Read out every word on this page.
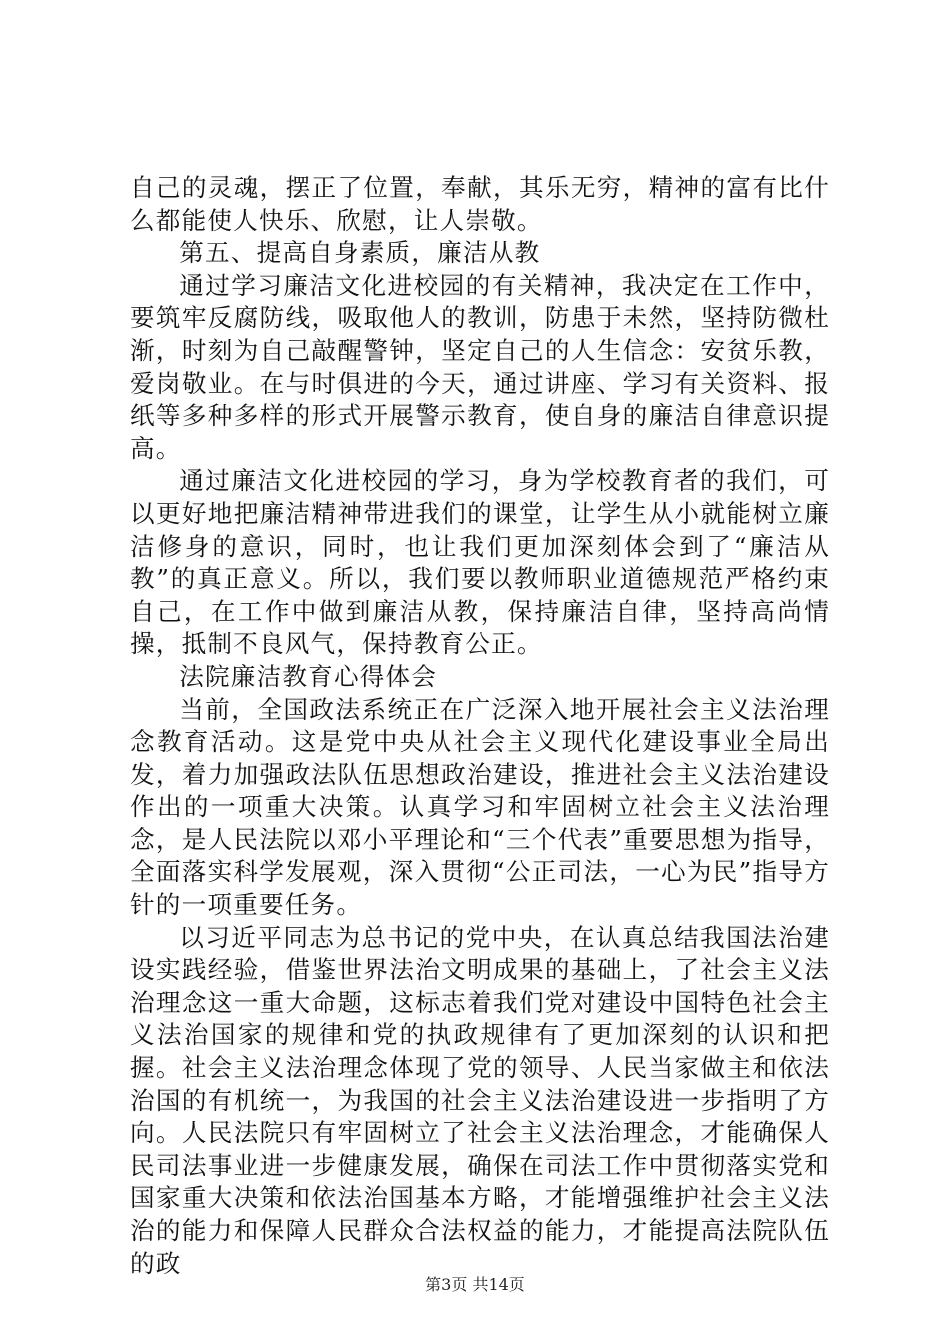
自己的灵魂，摆正了位置，奉献，其乐无穷，精神的富有比什么都能使人快乐、欣慰，让人崇敬。

第五、提高自身素质，廉洁从教

通过学习廉洁文化进校园的有关精神，我决定在工作中，要筑牢反腐防线，吸取他人的教训，防患于未然，坚持防微杜渐，时刻为自己敲醒警钟，坚定自己的人生信念：安贫乐教，爱岗敬业。在与时俱进的今天，通过讲座、学习有关资料、报纸等多种多样的形式开展警示教育，使自身的廉洁自律意识提高。

通过廉洁文化进校园的学习，身为学校教育者的我们，可以更好地把廉洁精神带进我们的课堂，让学生从小就能树立廉洁修身的意识，同时，也让我们更加深刻体会到了“廉洁从教”的真正意义。所以，我们要以教师职业道德规范严格约束自己，在工作中做到廉洁从教，保持廉洁自律，坚持高尚情操，抵制不良风气，保持教育公正。

法院廉洁教育心得体会

当前，全国政法系统正在广泛深入地开展社会主义法治理念教育活动。这是党中央从社会主义现代化建设事业全局出发，着力加强政法队伍思想政治建设，推进社会主义法治建设作出的一项重大决策。认真学习和牢固树立社会主义法治理念，是人民法院以邓小平理论和“三个代表”重要思想为指导，全面落实科学发展观，深入贯彻“公正司法，一心为民”指导方针的一项重要任务。

以习近平同志为总书记的党中央，在认真总结我国法治建设实践经验，借鉴世界法治文明成果的基础上，了社会主义法治理念这一重大命题，这标志着我们党对建设中国特色社会主义法治国家的规律和党的执政规律有了更加深刻的认识和把握。社会主义法治理念体现了党的领导、人民当家做主和依法治国的有机统一，为我国的社会主义法治建设进一步指明了方向。人民法院只有牢固树立了社会主义法治理念，才能确保人民司法事业进一步健康发展，确保在司法工作中贯彻落实党和国家重大决策和依法治国基本方略，才能增强维护社会主义法治的能力和保障人民群众合法权益的能力，才能提高法院队伍的政

第3页 共14页
